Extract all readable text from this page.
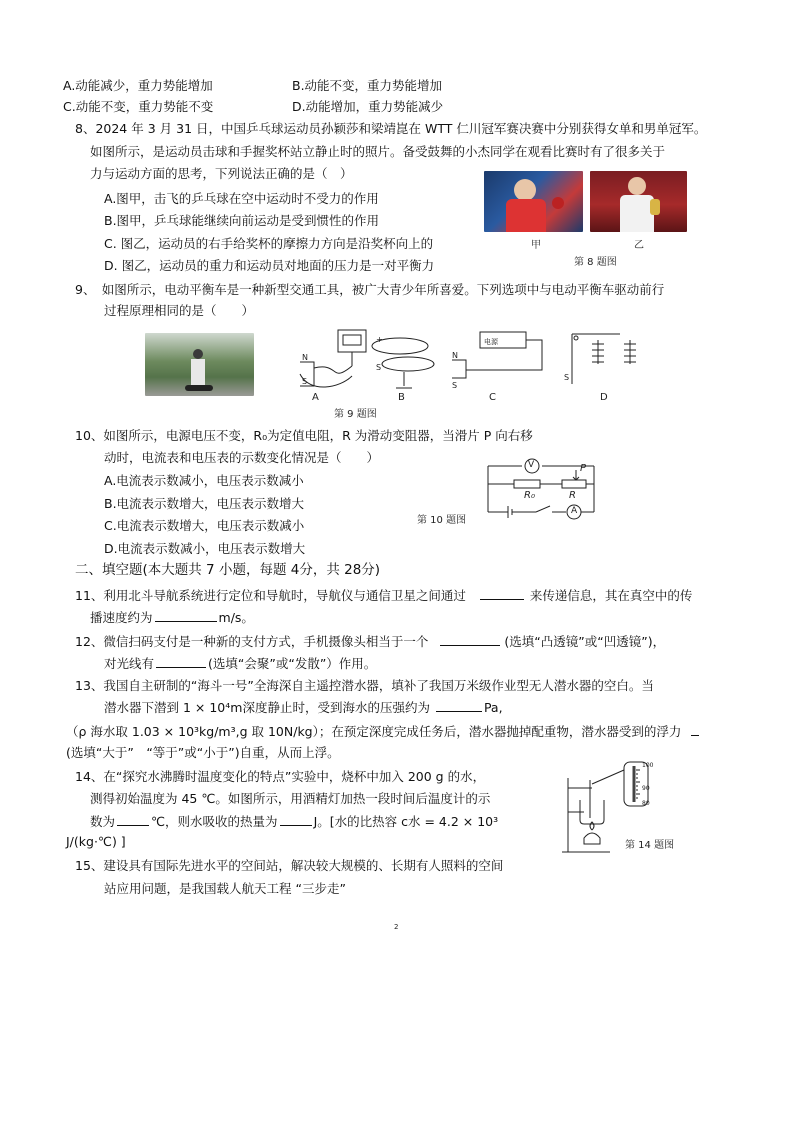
A.动能减少，重力势能增加	B.动能不变，重力势能增加
C.动能不变，重力势能不变	D.动能增加，重力势能减少
8、2024 年 3 月 31 日，中国乒乓球运动员孙颖莎和梁靖崑在 WTT 仁川冠军赛决赛中分别获得女单和男单冠军。
如图所示，是运动员击球和手握奖杯站立静止时的照片。备受鼓舞的小杰同学在观看比赛时有了很多关于
力与运动方面的思考，下列说法正确的是（　）
A.图甲，击飞的乒乓球在空中运动时不受力的作用
B.图甲，乒乓球能继续向前运动是受到惯性的作用
C. 图乙，运动员的右手给奖杯的摩擦力方向是沿奖杯向上的
D. 图乙，运动员的重力和运动员对地面的压力是一对平衡力
甲	乙
第 8 题图
9、　如图所示，电动平衡车是一种新型交通工具，被广大青少年所喜爱。下列选项中与电动平衡车驱动前行
过程原理相同的是（　　）
N
S
+
S
电源
N
S
S
A	B	C	D
第 9 题图
10、如图所示，电源电压不变，R₀为定值电阻，R 为滑动变阻器，当滑片 P 向右移
动时，电流表和电压表的示数变化情况是（　　）
A.电流表示数减小，电压表示数减小
B.电流表示数增大，电压表示数增大
C.电流表示数增大，电压表示数减小
D.电流表示数减小，电压表示数增大
V
A
R₀	R
P
第 10 题图
二、填空题(本大题共 7 小题，每题 4分，共 28分)
11、利用北斗导航系统进行定位和导航时，导航仪与通信卫星之间通过	来传递信息，其在真空中的传
播速度约为	m/s。
12、微信扫码支付是一种新的支付方式，手机摄像头相当于一个	(选填“凸透镜”或“凹透镜”)，
对光线有	(选填“会聚”或“发散”）作用。
13、我国自主研制的“海斗一号”全海深自主遥控潜水器，填补了我国万米级作业型无人潜水器的空白。当
潜水器下潜到 1 × 10⁴m深度静止时，受到海水的压强约为	Pa,
（ρ 海水取 1.03 × 10³kg/m³,g 取 10N/kg）；在预定深度完成任务后，潜水器抛掉配重物，潜水器受到的浮力
(选填“大于”　“等于”或“小于”)自重，从而上浮。
14、在“探究水沸腾时温度变化的特点”实验中，烧杯中加入 200 g 的水，
测得初始温度为 45 ℃。如图所示，用酒精灯加热一段时间后温度计的示
数为	℃，则水吸收的热量为	J。[水的比热容 c水 = 4.2 × 10³
J/(kg·℃) ]
100
90
80
第 14 题图
15、建设具有国际先进水平的空间站，解决较大规模的、长期有人照料的空间
站应用问题，是我国载人航天工程 “三步走”
2
